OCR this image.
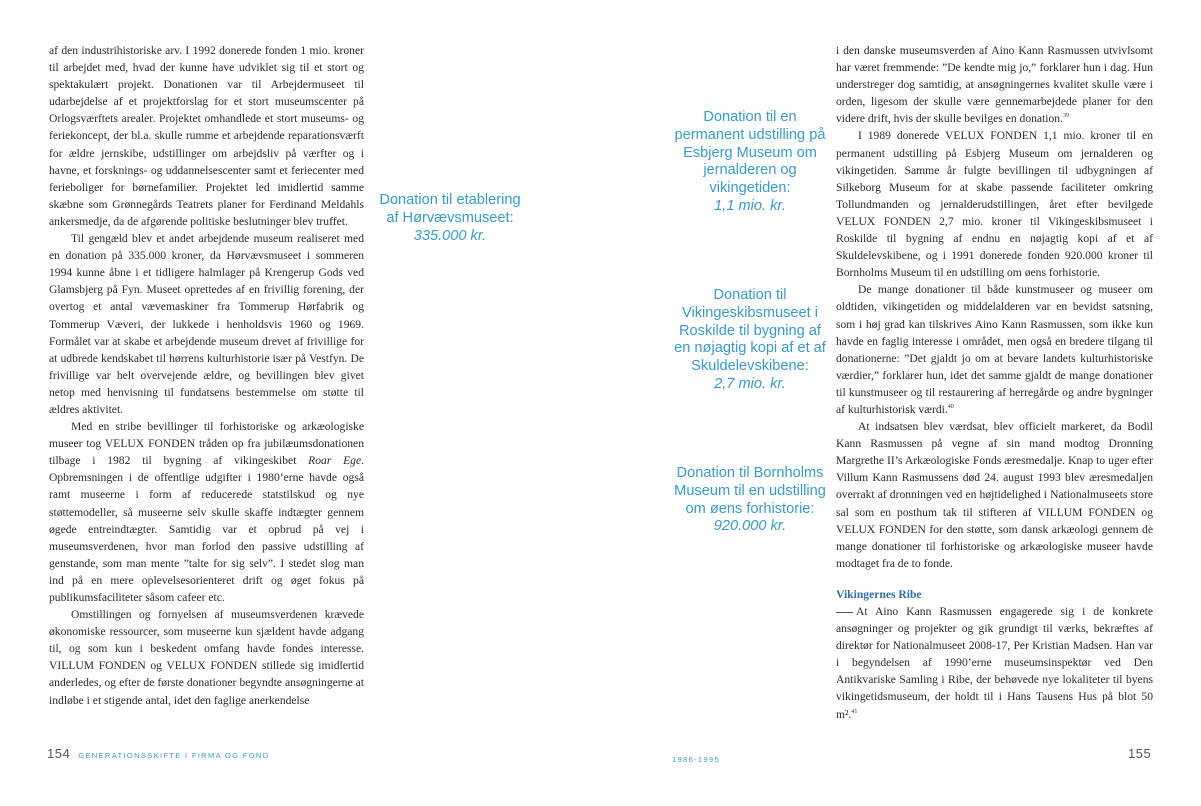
af den industrihistoriske arv. I 1992 donerede fonden 1 mio. kroner til arbejdet med, hvad der kunne have udviklet sig til et stort og spektakulært projekt. Donationen var til Arbejdermuseet til udarbejdelse af et projektforslag for et stort museumscenter på Orlogsværftets arealer. Projektet omhandlede et stort museums- og feriekoncept, der bl.a. skulle rumme et arbejdende reparationsværft for ældre jernskibe, udstillinger om arbejdsliv på værfter og i havne, et forsknings- og uddannelsescenter samt et feriecenter med ferieboliger for børnefamilier. Projektet led imidlertid samme skæbne som Grønnegårds Teatrets planer for Ferdinand Meldahls ankersmedje, da de afgørende politiske beslutninger blev truffet.

Til gengæld blev et andet arbejdende museum realiseret med en donation på 335.000 kroner, da Hørvævsmuseet i sommeren 1994 kunne åbne i et tidligere halmlager på Krengerup Gods ved Glamsbjerg på Fyn. Museet oprettedes af en frivillig forening, der overtog et antal vævemaskiner fra Tommerup Hørfabrik og Tommerup Væveri, der lukkede i henholdsvis 1960 og 1969. Formålet var at skabe et arbejdende museum drevet af frivillige for at udbrede kendskabet til hørrens kulturhistorie især på Vestfyn. De frivillige var helt overvejende ældre, og bevillingen blev givet netop med henvisning til fundatsens bestemmelse om støtte til ældres aktivitet.

Med en stribe bevillinger til forhistoriske og arkæologiske museer tog VELUX FONDEN tråden op fra jubilæumsdonationen tilbage i 1982 til bygning af vikingeskibet Roar Ege. Opbremsningen i de offentlige udgifter i 1980’erne havde også ramt museerne i form af reducerede statstilskud og nye støttemodeller, så museerne selv skulle skaffe indtægter gennem øgede entreindtægter. Samtidig var et opbrud på vej i museumsverdenen, hvor man forlod den passive udstilling af genstande, som man mente ”talte for sig selv”. I stedet slog man ind på en mere oplevelsesorienteret drift og øget fokus på publikumsfaciliteter såsom cafeer etc.

Omstillingen og fornyelsen af museumsverdenen krævede økonomiske ressourcer, som museerne kun sjældent havde adgang til, og som kun i beskedent omfang havde fondes interesse. VILLUM FONDEN og VELUX FONDEN stillede sig imidlertid anderledes, og efter de første donationer begyndte ansøgningerne at indløbe i et stigende antal, idet den faglige anerkendelse

Donation til etablering af Hørvævsmuseet:
335.000 kr.
Donation til en permanent udstilling på Esbjerg Museum om jernalderen og vikingetiden:
1,1 mio. kr.
Donation til Vikingeskibsmuseet i Roskilde til bygning af en nøjagtig kopi af et af Skuldelevskibene:
2,7 mio. kr.
Donation til Bornholms Museum til en udstilling om øens forhistorie:
920.000 kr.

i den danske museumsverden af Aino Kann Rasmussen utvivlsomt har været fremmende: ”De kendte mig jo,” forklarer hun i dag. Hun understreger dog samtidig, at ansøgningernes kvalitet skulle være i orden, ligesom der skulle være gennemarbejdede planer for den videre drift, hvis der skulle bevilges en donation.$^{39}$

I 1989 donerede VELUX FONDEN 1,1 mio. kroner til en permanent udstilling på Esbjerg Museum om jernalderen og vikingetiden. Samme år fulgte bevillingen til udbygningen af Silkeborg Museum for at skabe passende faciliteter omkring Tollundmanden og jernalderudstillingen, året efter bevilgede VELUX FONDEN 2,7 mio. kroner til Vikingeskibsmuseet i Roskilde til bygning af endnu en nøjagtig kopi af et af Skuldelevskibene, og i 1991 donerede fonden 920.000 kroner til Bornholms Museum til en udstilling om øens forhistorie.

De mange donationer til både kunstmuseer og museer om oldtiden, vikingetiden og middelalderen var en bevidst satsning, som i høj grad kan tilskrives Aino Kann Rasmussen, som ikke kun havde en faglig interesse i området, men også en bredere tilgang til donationerne: ”Det gjaldt jo om at bevare landets kulturhistoriske værdier,” forklarer hun, idet det samme gjaldt de mange donationer til kunstmuseer og til restaurering af herregårde og andre bygninger af kulturhistorisk værdi.$^{40}$

At indsatsen blev værdsat, blev officielt markeret, da Bodil Kann Rasmussen på vegne af sin mand modtog Dronning Margrethe II’s Arkæologiske Fonds æresmedalje. Knap to uger efter Villum Kann Rasmussens død 24. august 1993 blev æresmedaljen overrakt af dronningen ved en højtidelighed i Nationalmuseets store sal som en posthum tak til stifteren af VILLUM FONDEN og VELUX FONDEN for den støtte, som dansk arkæologi gennem de mange donationer til forhistoriske og arkæologiske museer havde modtaget fra de to fonde.

Vikingernes Ribe

At Aino Kann Rasmussen engagerede sig i de konkrete ansøgninger og projekter og gik grundigt til værks, bekræftes af direktør for Nationalmuseet 2008-17, Per Kristian Madsen. Han var i begyndelsen af 1990’erne museumsinspektør ved Den Antikvariske Samling i Ribe, der behøvede nye lokaliteter til byens vikingetidsmuseum, der holdt til i Hans Tausens Hus på blot 50 m².$^{41}$

154 GENERATIONSSKIFTE I FIRMA OG FOND	1986-1995	155
